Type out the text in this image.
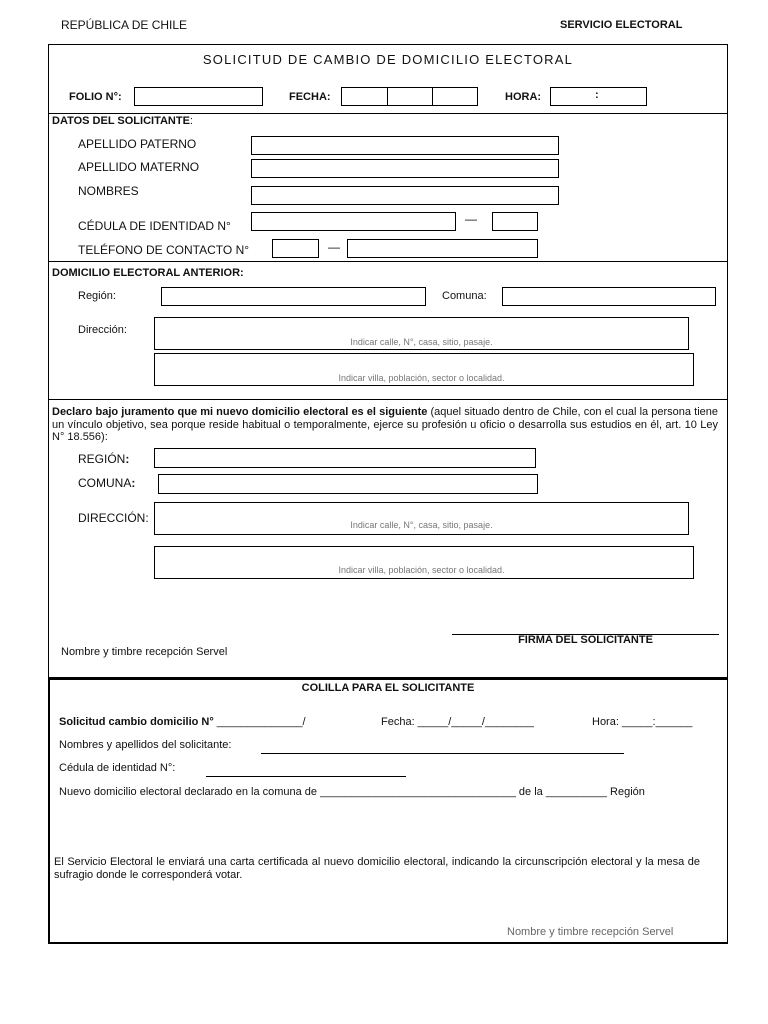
REPÚBLICA DE CHILE	SERVICIO ELECTORAL
SOLICITUD DE CAMBIO DE DOMICILIO ELECTORAL
FOLIO N°:	FECHA:	HORA:	:
DATOS DEL SOLICITANTE:
APELLIDO PATERNO
APELLIDO MATERNO
NOMBRES
CÉDULA DE IDENTIDAD N°	—
TELÉFONO DE CONTACTO N°	—
DOMICILIO ELECTORAL ANTERIOR:
Región:	Comuna:
Dirección:
Indicar calle, N°, casa, sitio, pasaje.
Indicar villa, población, sector o localidad.
Declaro bajo juramento que mi nuevo domicilio electoral es el siguiente (aquel situado dentro de Chile, con el cual la persona tiene un vínculo objetivo, sea porque reside habitual o temporalmente, ejerce su profesión u oficio o desarrolla sus estudios en él, art. 10 Ley N° 18.556):
REGIÓN:
COMUNA:
DIRECCIÓN:	Indicar calle, N°, casa, sitio, pasaje.
Indicar villa, población, sector o localidad.
FIRMA DEL SOLICITANTE
Nombre y timbre recepción Servel
COLILLA PARA EL SOLICITANTE
Solicitud cambio domicilio N° ______________/	Fecha: _____/_____/________	Hora: _____:______
Nombres y apellidos del solicitante:
Cédula de identidad N°:
Nuevo domicilio electoral declarado en la comuna de ________________________________ de la __________ Región
El Servicio Electoral le enviará una carta certificada al nuevo domicilio electoral, indicando la circunscripción electoral y la mesa de sufragio donde le corresponderá votar.
Nombre y timbre recepción Servel
